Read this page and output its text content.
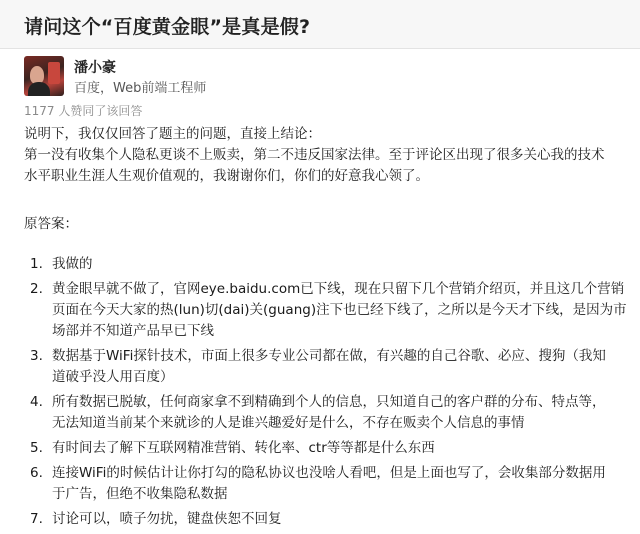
请问这个“百度黄金眼”是真是假?
潘小豪
百度，Web前端工程师
1177 人赞同了该回答
说明下，我仅仅回答了题主的问题，直接上结论：
第一没有收集个人隐私更谈不上贩卖，第二不违反国家法律。至于评论区出现了很多关心我的技术
水平职业生涯人生观价值观的，我谢谢你们，你们的好意我心领了。
原答案：
1. 我做的
2. 黄金眼早就不做了，官网eye.baidu.com已下线，现在只留下几个营销介绍页，并且这几个营销
页面在今天大家的热(lun)切(dai)关(guang)注下也已经下线了，之所以是今天才下线，是因为市
场部并不知道产品早已下线
3. 数据基于WiFi探针技术，市面上很多专业公司都在做，有兴趣的自己谷歌、必应、搜狗（我知
道破乎没人用百度）
4. 所有数据已脱敏，任何商家拿不到精确到个人的信息，只知道自己的客户群的分布、特点等，
无法知道当前某个来就诊的人是谁兴趣爱好是什么，不存在贩卖个人信息的事情
5. 有时间去了解下互联网精准营销、转化率、ctr等等都是什么东西
6. 连接WiFi的时候估计让你打勾的隐私协议也没啥人看吧，但是上面也写了，会收集部分数据用
于广告，但绝不收集隐私数据
7. 讨论可以，喷子勿扰，键盘侠恕不回复
